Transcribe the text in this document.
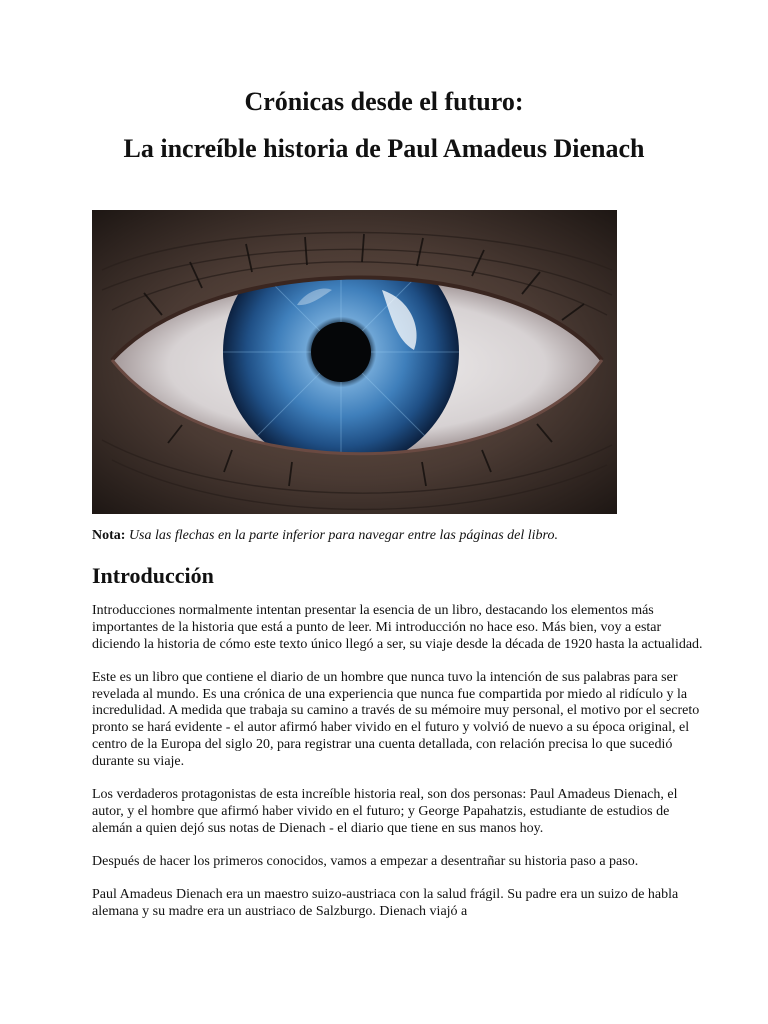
Crónicas desde el futuro:
La increíble historia de Paul Amadeus Dienach
Nota: Usa las flechas en la parte inferior para navegar entre las páginas del libro.
Introducción

Introducciones normalmente intentan presentar la esencia de un libro, destacando los elementos más importantes de la historia que está a punto de leer. Mi introducción no hace eso. Más bien, voy a estar diciendo la historia de cómo este texto único llegó a ser, su viaje desde la década de 1920 hasta la actualidad.

Este es un libro que contiene el diario de un hombre que nunca tuvo la intención de sus palabras para ser revelada al mundo. Es una crónica de una experiencia que nunca fue compartida por miedo al ridículo y la incredulidad. A medida que trabaja su camino a través de su mémoire muy personal, el motivo por el secreto pronto se hará evidente - el autor afirmó haber vivido en el futuro y volvió de nuevo a su época original, el centro de la Europa del siglo 20, para registrar una cuenta detallada, con relación precisa lo que sucedió durante su viaje.

Los verdaderos protagonistas de esta increíble historia real, son dos personas: Paul Amadeus Dienach, el autor, y el hombre que afirmó haber vivido en el futuro; y George Papahatzis, estudiante de estudios de alemán a quien dejó sus notas de Dienach - el diario que tiene en sus manos hoy.

Después de hacer los primeros conocidos, vamos a empezar a desentrañar su historia paso a paso.

Paul Amadeus Dienach era un maestro suizo-austriaca con la salud frágil. Su padre era un suizo de habla alemana y su madre era un austriaco de Salzburgo. Dienach viajó a
